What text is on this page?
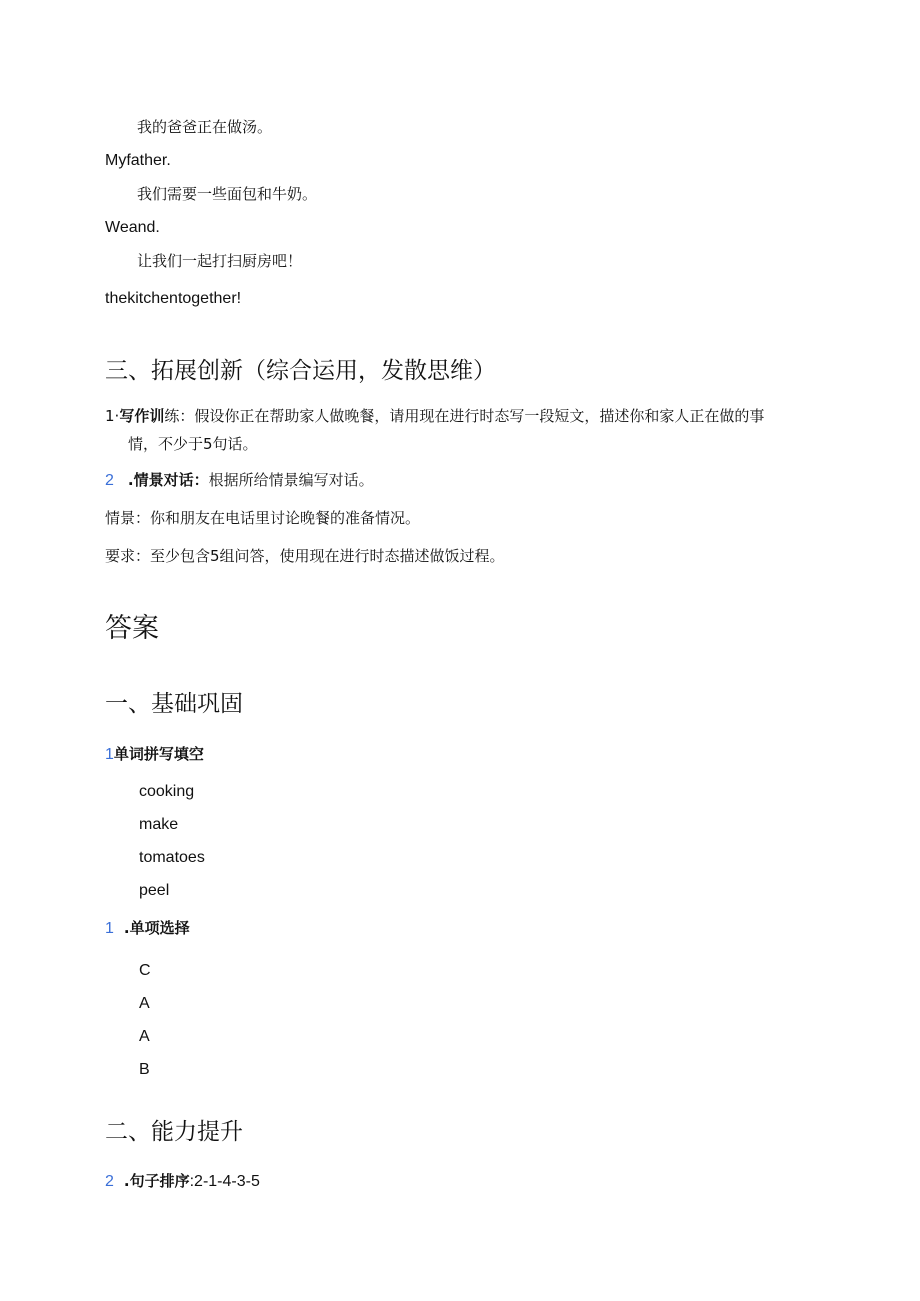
我的爸爸正在做汤。
Myfather.
我们需要一些面包和牛奶。
Weand.
让我们一起打扫厨房吧！
thekitchentogether!
三、拓展创新（综合运用，发散思维）
1·写作训练：假设你正在帮助家人做晚餐，请用现在进行时态写一段短文，描述你和家人正在做的事
情，不少于5句话。
2 .情景对话：根据所给情景编写对话。
情景：你和朋友在电话里讨论晚餐的准备情况。
要求：至少包含5组问答，使用现在进行时态描述做饭过程。
答案
一、基础巩固
1单词拼写填空
cooking
make
tomatoes
peel
1 .单项选择
C
A
A
B
二、能力提升
2 .句子排序:2-1-4-3-5
